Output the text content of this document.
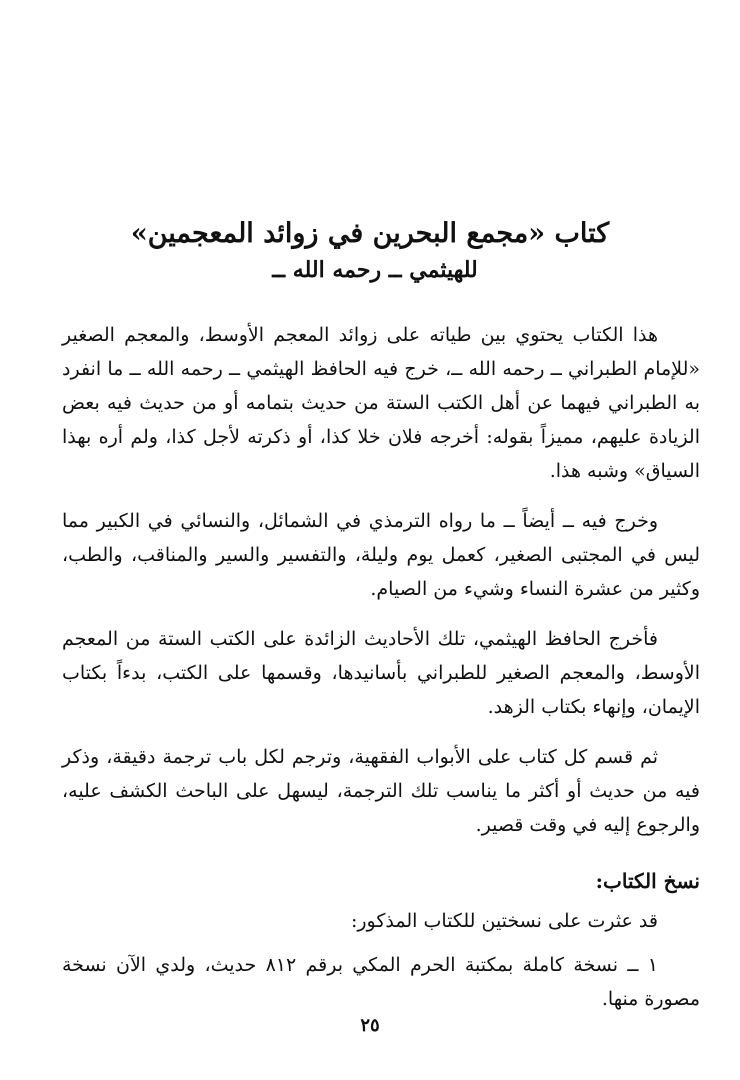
كتاب «مجمع البحرين في زوائد المعجمين»
للهيثمي ــ رحمه الله ــ

هذا الكتاب يحتوي بين طياته على زوائد المعجم الأوسط، والمعجم الصغير «للإمام الطبراني ــ رحمه الله ــ، خرج فيه الحافظ الهيثمي ــ رحمه الله ــ ما انفرد به الطبراني فيهما عن أهل الكتب الستة من حديث بتمامه أو من حديث فيه بعض الزيادة عليهم، مميزاً بقوله: أخرجه فلان خلا كذا، أو ذكرته لأجل كذا، ولم أره بهذا السياق» وشبه هذا.

وخرج فيه ــ أيضاً ــ ما رواه الترمذي في الشمائل، والنسائي في الكبير مما ليس في المجتبى الصغير، كعمل يوم وليلة، والتفسير والسير والمناقب، والطب، وكثير من عشرة النساء وشيء من الصيام.

فأخرج الحافظ الهيثمي، تلك الأحاديث الزائدة على الكتب الستة من المعجم الأوسط، والمعجم الصغير للطبراني بأسانيدها، وقسمها على الكتب، بدءاً بكتاب الإيمان، وإنهاء بكتاب الزهد.

ثم قسم كل كتاب على الأبواب الفقهية، وترجم لكل باب ترجمة دقيقة، وذكر فيه من حديث أو أكثر ما يناسب تلك الترجمة، ليسهل على الباحث الكشف عليه، والرجوع إليه في وقت قصير.

نسخ الكتاب:

قد عثرت على نسختين للكتاب المذكور:

١ ــ نسخة كاملة بمكتبة الحرم المكي برقم ٨١٢ حديث، ولدي الآن نسخة مصورة منها.

٢٥
